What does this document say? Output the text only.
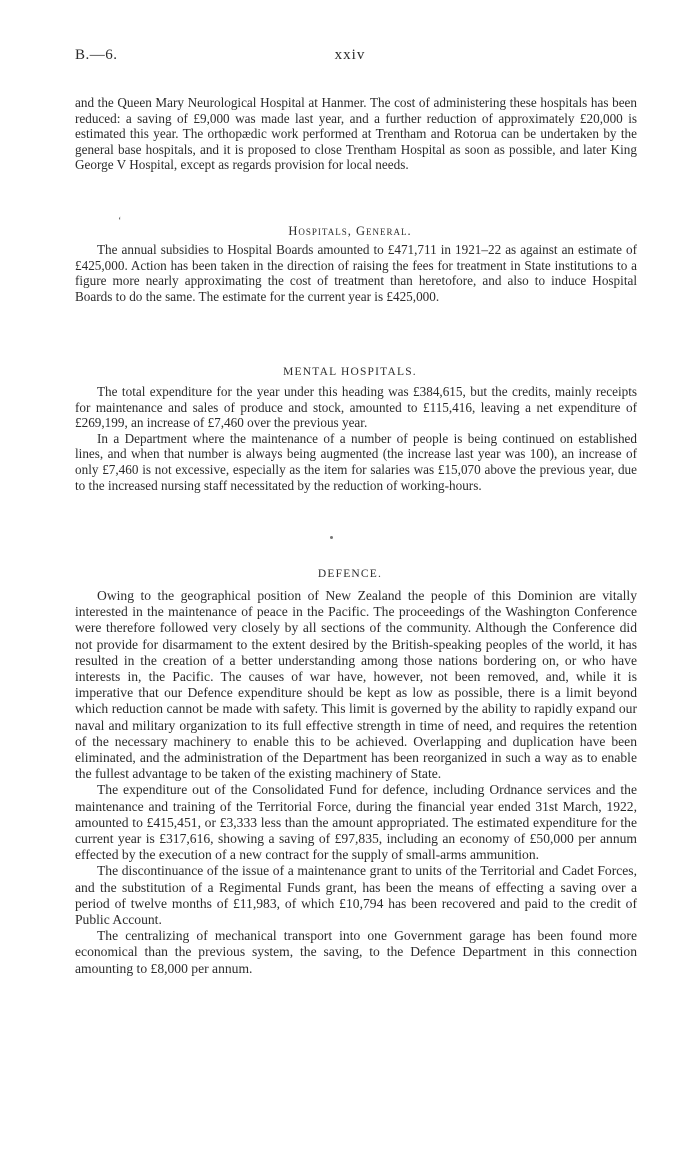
B.—6.	xxiv

and the Queen Mary Neurological Hospital at Hanmer. The cost of administering these hospitals has been reduced: a saving of £9,000 was made last year, and a further reduction of approximately £20,000 is estimated this year. The orthopædic work performed at Trentham and Rotorua can be undertaken by the general base hospitals, and it is proposed to close Trentham Hospital as soon as possible, and later King George V Hospital, except as regards provision for local needs.

‘
Hospitals, General.

The annual subsidies to Hospital Boards amounted to £471,711 in 1921–22 as against an estimate of £425,000. Action has been taken in the direction of raising the fees for treatment in State institutions to a figure more nearly approximating the cost of treatment than heretofore, and also to induce Hospital Boards to do the same. The estimate for the current year is £425,000.

MENTAL HOSPITALS.

The total expenditure for the year under this heading was £384,615, but the credits, mainly receipts for maintenance and sales of produce and stock, amounted to £115,416, leaving a net expenditure of £269,199, an increase of £7,460 over the previous year.

In a Department where the maintenance of a number of people is being continued on established lines, and when that number is always being augmented (the increase last year was 100), an increase of only £7,460 is not excessive, especially as the item for salaries was £15,070 above the previous year, due to the increased nursing staff necessitated by the reduction of working-hours.

DEFENCE.

Owing to the geographical position of New Zealand the people of this Dominion are vitally interested in the maintenance of peace in the Pacific. The proceedings of the Washington Conference were therefore followed very closely by all sections of the community. Although the Conference did not provide for disarmament to the extent desired by the British-speaking peoples of the world, it has resulted in the creation of a better understanding among those nations bordering on, or who have interests in, the Pacific. The causes of war have, however, not been removed, and, while it is imperative that our Defence expenditure should be kept as low as possible, there is a limit beyond which reduction cannot be made with safety. This limit is governed by the ability to rapidly expand our naval and military organization to its full effective strength in time of need, and requires the retention of the necessary machinery to enable this to be achieved. Overlapping and duplication have been eliminated, and the administration of the Department has been reorganized in such a way as to enable the fullest advantage to be taken of the existing machinery of State.

The expenditure out of the Consolidated Fund for defence, including Ordnance services and the maintenance and training of the Territorial Force, during the financial year ended 31st March, 1922, amounted to £415,451, or £3,333 less than the amount appropriated. The estimated expenditure for the current year is £317,616, showing a saving of £97,835, including an economy of £50,000 per annum effected by the execution of a new contract for the supply of small-arms ammunition.

The discontinuance of the issue of a maintenance grant to units of the Territorial and Cadet Forces, and the substitution of a Regimental Funds grant, has been the means of effecting a saving over a period of twelve months of £11,983, of which £10,794 has been recovered and paid to the credit of Public Account.

The centralizing of mechanical transport into one Government garage has been found more economical than the previous system, the saving, to the Defence Department in this connection amounting to £8,000 per annum.
